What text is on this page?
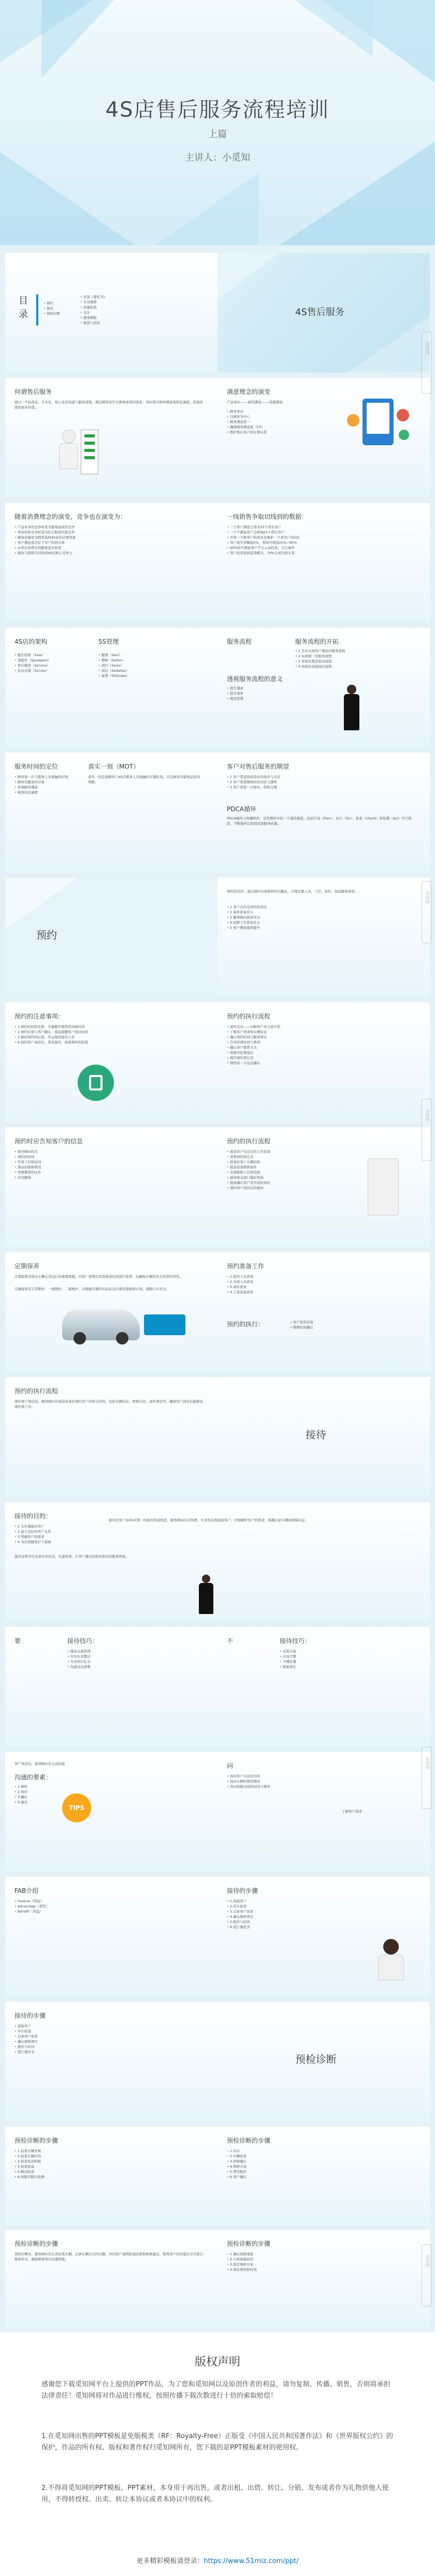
4S店售后服务流程培训
上篇
主讲人：小觅知
目
录
• 预约
• 接待
• 预检诊断
• 开具《委托书》
• 专业维修
• 质量检验
• 交车
• 服务跟踪
• 抱怨与投诉
4S售后服务
何谓售后服务
通过一个标准化、专业化、贴心化的沟通与服务流程，满足顾客对汽车维修保养的需求，同时提升顾客满意度和忠诚度，创造持续的商业价值。
满意理念的演变
产品导向 ——顾客满意 ——超越满意
• 顾客导向
• 以顾客为中心
• 顾客满意第一
• 确保顾客满意度（CS）
• 维护售后客户的长期关系
随着消费理念的演变，竞争也在演变为：
• 产品本身的竞争转变为服务品质的竞争
• 单纯价格竞争转变为综合服务价值竞争
• 服务质量成为顾客选择4S店的首要因素
• 客户满意度决定了客户的回头率
• 从卖车到养车的服务意识转变
• 服务与销售共同构成4S店核心竞争力
一线销售争取切线到的数据：
• 一个客户满意会带来25个潜在客户
• 一个不满意客户会影响25个潜在客户
• 开发一个新客户的成本是维护一个老客户的5倍
• 客户流失率降低5%，利润可增加25%~85%
• 95%的不满意客户不会主动投诉，只会离开
• 客户投诉得到妥善解决，70%会成为回头客
4S店的架构	5S管理
• 整车销售（Sale）
• 零配件（Sparepart）
• 售后服务（Service）
• 信息反馈（Survey）
• 整理（Seiri）
• 整顿（Seiton）
• 清扫（Seiso）
• 清洁（Seiketsu）
• 素养（Shitsuke）
服务流程	服务流程的开拓
• 1 旨在实现客户满意的服务流程
• 2 标准统一的服务流程
• 3 系统化规范化的流程
• 4 持续改善提高的流程
透视服务流程的意义
• 提升满意
• 提升效率
• 规范管理
服务时间的定位	真实一刻（MOT）
• 顾客每一次与服务人员接触的时刻
• 顾客对服务的印象
• 影响顾客满意
• 顾客的忠诚度
真实一刻是指顾客与4S店服务人员接触的关键时刻，决定顾客对服务品质的判断。
客户对售后服务的期望
• 1 客户希望得到及时的接待与关注
• 2 客户希望维修时间可控与透明
• 3 客户希望一次修好，价格合理
PDCA循环
PDCA循环又叫戴明环，是管理学中的一个通用模型，包括计划（Plan）、执行（Do）、检查（Check）和处理（Act）四个阶段，不断循环以持续改进服务质量。
预约
预约的目的：通过预约实现维修的均衡化，合理安排人员、工位、备件，提高服务效率。
• 1 客户在约定的时间来店
• 2 备件准备充分
• 3 服务顾问准备充分
• 4 技师工位准备充分
• 5 客户满意度的提升
预约的注意事项：
• 1.预约时间的安排，尽量避开维修的高峰时段
• 2.预约后需与客户确认，提前提醒客户到店时间
• 3.做好预约的记录，并交接给接待人员
• 4.预约客户到店后，优先接待，体现预约的价值
预约的执行流程
• 接听电话——问候客户并自我介绍
• 了解客户需求和车辆信息
• 确认预约时间与服务项目
• 告知所需时间与费用
• 确认客户联系方式
• 致谢并结束通话
• 填写预约登记表
• 预约前一天电话确认
预约时应告知客户的信息
• 接待顾问姓名
• 预约的时间
• 所需工时和时间
• 预估的维修费用
• 需要携带的证件
• 来店路线
预约的执行流程
• 接到客户电话后的工作准备
• 查看预约登记表
• 准备好客户车辆资料
• 提前准备维修备件
• 安排维修工位和技师
• 通知相关部门做好准备
• 提前确认客户是否准时到店
• 预约客户到店后的接待
定期保养
定期保养是保证车辆正常运行的重要措施，应按厂家规定的里程或时间进行保养，以确保车辆的安全性和经济性。
车辆保养有日常维护、一级维护、二级维护，应根据车辆的实际状况合理安排保养计划，保障行车安全。
预约准备工作
• 1.接待人员准备
• 2.车间人员准备
• 3.备件准备
• 4.工具设备准备
预约的执行：
•	客户资料准备
• 维修时间确认
预约的执行流程
预约客户到店前，服务顾问应提前准备好预约客户的相关资料，包括车辆信息、维修历史、备件情况等，确保客户到店后能够迅速开展工作。
接待
接待的目的：
• 1.友好地接待客户
• 2.建立良好的客户关系
• 3.明确客户的需求
• 4.为后续服务打下基础
接待是客户对4S店第一印象的形成阶段，服务顾问应以热情、专业的态度迎接客户，仔细倾听客户的需求，准确记录车辆的故障信息。
接待过程中应注意仪容仪表，礼貌用语，让客户感受到宾至如归的服务体验。
要	接待技巧：
• 服务态度热情
• 仪容仪表整洁
• 专业知识扎实
• 沟通表达清楚
不	接待技巧：
• 态度冷漠
• 衣冠不整
• 不懂装懂
• 推卸责任
客户到店后，服务顾问应主动迎接
沟通的要素：
• 1.倾听
• 2.询问
• 3.确认
• 4.建议
TIPS
问
• 询问客户来店的目的
• 询问车辆的使用情况
• 询问故障出现的时间与频率
了解客户需求
FAB介绍
• Feature（特征）
• Advantage（优势）
• Benefit（利益）
接待的步骤
• 1.迎接客户
• 2.环车检查
• 3.记录客户需求
• 4.确认维修项目
• 5.报价与时间
• 6.签订委托书
接待的步骤
• 迎接客户
• 环车检查
• 记录客户需求
• 确认维修项目
• 报价与时间
• 签订委托书
预检诊断
预检诊断的步骤
• 1.检查车辆外观
• 2.检查车辆内饰
• 3.检查发动机舱
• 4.检查底盘
• 5.路试检查
• 6.故障诊断仪检测
预检诊断的步骤
• 1.问诊
• 2.车辆检查
• 3.故障确认
• 4.维修方案
• 5.费用报价
• 6.客户确认
预检诊断的步骤
预检诊断时，服务顾问应认真检查车辆，记录车辆存在的问题，并向客户说明检查结果和维修建议，取得客户的同意后方可进行维修作业，确保维修项目的透明度。
预检诊断的步骤
• 1.确认故障现象
• 2.分析故障原因
• 3.制定维修方案
• 4.预估费用和时间
版权声明
感谢您下载觅知网平台上提供的PPT作品，为了您和觅知网以及原创作者的利益，请勿复制、传播、销售，否则将承担法律责任！觅知网将对作品进行维权，按照传播下载次数进行十倍的索取赔偿！
1.在觅知网出售的PPT模板是免版税类（RF：Royalty-Free）正版受《中国人民共和国著作法》和《世界版权公约》的保护，作品的所有权、版权和著作权归觅知网所有，您下载的是PPT模板素材的使用权。
2.不得将觅知网的PPT模板、PPT素材，本身用于再出售，或者出租、出借、转让、分销、发布或者作为礼物供他人使用，不得转授权、出卖、转让本协议或者本协议中的权利。
更多精彩模板请登录：https://www.51miz.com/ppt/
觅知网
觅知网
觅知网
觅知网
觅知网
